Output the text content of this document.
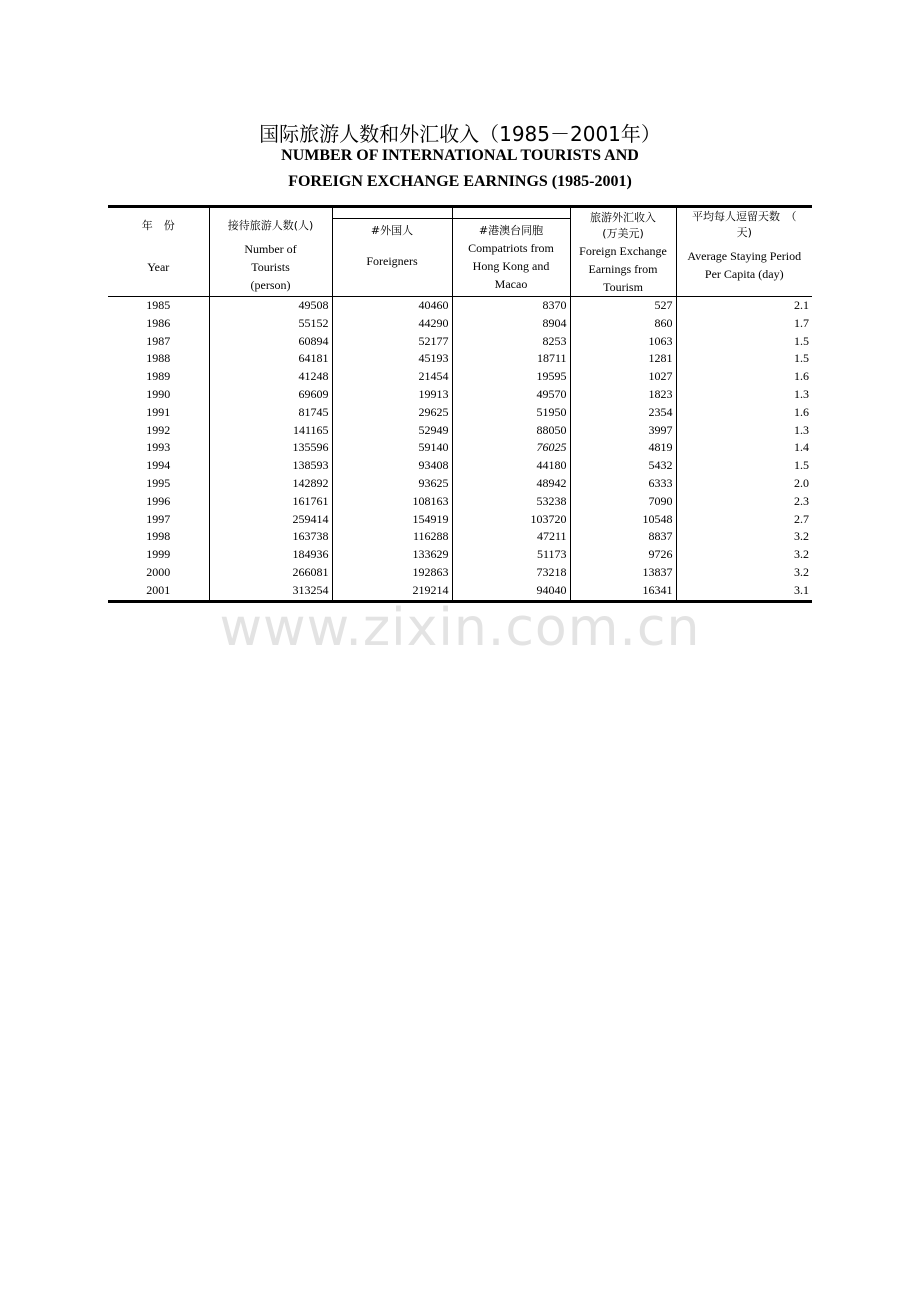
国际旅游人数和外汇收入（1985－2001年）
NUMBER OF INTERNATIONAL TOURISTS AND
FOREIGN EXCHANGE EARNINGS (1985-2001)
年　份
Year	接待旅游人数(人)
Number of
Tourists
(person)	#外国人
Foreigners	#港澳台同胞
Compatriots from
Hong Kong and
Macao	旅游外汇收入
(万美元)
Foreign Exchange
Earnings from
Tourism	平均每人逗留天数　（
天)
Average Staying Period
Per Capita (day)

1985	49508	40460	8370	527	2.1
1986	55152	44290	8904	860	1.7
1987	60894	52177	8253	1063	1.5
1988	64181	45193	18711	1281	1.5
1989	41248	21454	19595	1027	1.6
1990	69609	19913	49570	1823	1.3
1991	81745	29625	51950	2354	1.6
1992	141165	52949	88050	3997	1.3
1993	135596	59140	76025	4819	1.4
1994	138593	93408	44180	5432	1.5
1995	142892	93625	48942	6333	2.0
1996	161761	108163	53238	7090	2.3
1997	259414	154919	103720	10548	2.7
1998	163738	116288	47211	8837	3.2
1999	184936	133629	51173	9726	3.2
2000	266081	192863	73218	13837	3.2
2001	313254	219214	94040	16341	3.1
www.zixin.com.cn
